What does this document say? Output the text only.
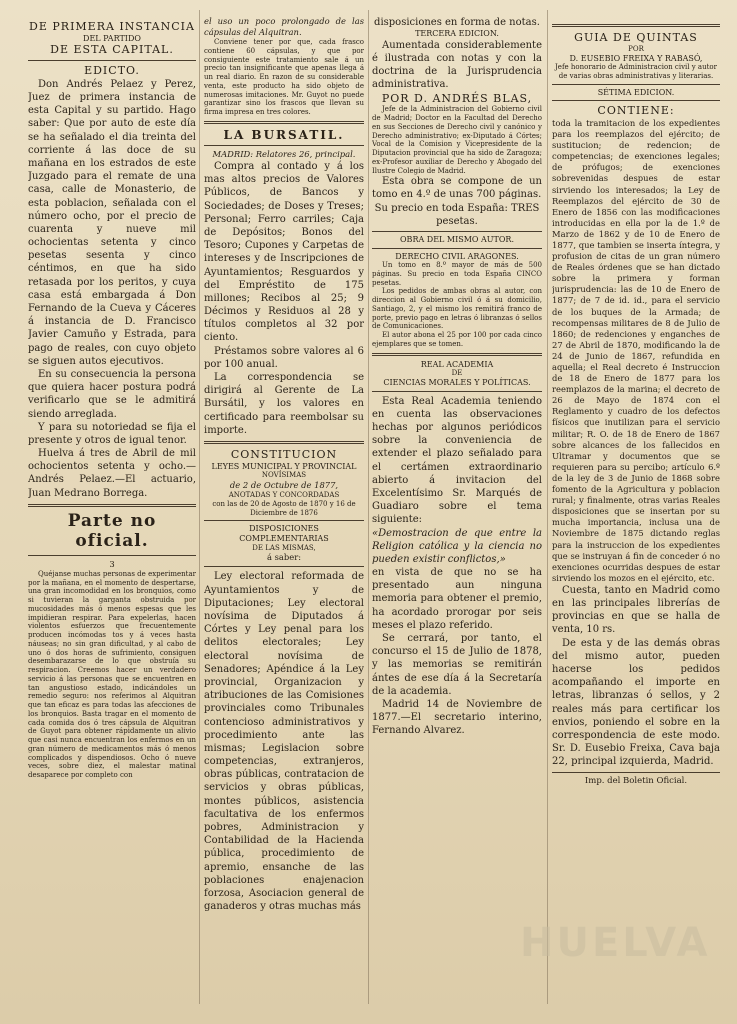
DE PRIMERA INSTANCIA
DEL PARTIDO
DE ESTA CAPITAL.
EDICTO.

Don Andrés Pelaez y Perez, Juez de primera instancia de esta Capital y su partido. Hago saber: Que por auto de este día se ha señalado el dia treinta del corriente á las doce de su mañana en los estrados de este Juzgado para el remate de una casa, calle de Monasterio, de esta poblacion, señalada con el número ocho, por el precio de cuarenta y nueve mil ochocientas setenta y cinco pesetas sesenta y cinco céntimos, en que ha sido retasada por los peritos, y cuya casa está embargada á Don Fernando de la Cueva y Cáceres á instancia de D. Francisco Javier Camuño y Estrada, para pago de reales, con cuyo objeto se siguen autos ejecutivos.

En su consecuencia la persona que quiera hacer postura podrá verificarlo que se le admitirá siendo arreglada.

Y para su notoriedad se fija el presente y otros de igual tenor.

Huelva á tres de Abril de mil ochocientos setenta y ocho.—Andrés Pelaez.—El actuario, Juan Medrano Borrega.

Parte no oficial.
3

Quéjanse muchas personas de experimentar por la mañana, en el momento de despertarse, una gran incomodidad en los bronquios, como si tuvieran la garganta obstruida por mucosidades más ó menos espesas que les impidieran respirar. Para expelerlas, hacen violentos esfuerzos que frecuentemente producen incómodas tos y á veces hasta náuseas; no sin gran dificultad, y al cabo de uno ó dos horas de sufrimiento, consiguen desembarazarse de lo que obstruía su respiracion. Creemos hacer un verdadero servicio á las personas que se encuentren en tan angustioso estado, indicándoles un remedio seguro: nos referimos al Alquitran que tan eficaz es para todas las afecciones de los bronquios. Basta tragar en el momento de cada comida dos ó tres cápsula de Alquitran de Guyot para obtener rápidamente un alivio que casi nunca encuentran los enfermos en un gran número de medicamentos más ó menos complicados y dispendiosos. Ocho ó nueve veces, sobre diez, el malestar matinal desaparece por completo con

el uso un poco prolongado de las cápsulas del Alquitran.

Conviene tener por que, cada frasco contiene 60 cápsulas, y que por consiguiente este tratamiento sale á un precio tan insignificante que apenas llega á un real diario. En razon de su considerable venta, este producto ha sido objeto de numerosas imitaciones. Mr. Guyot no puede garantizar sino los frascos que llevan su firma impresa en tres colores.

LA BURSATIL.
MADRID: Relatores 26, principal.

Compra al contado y á los mas altos precios de Valores Públicos, de Bancos y Sociedades; de Doses y Treses; Personal; Ferro carriles; Caja de Depósitos; Bonos del Tesoro; Cupones y Carpetas de intereses y de Inscripciones de Ayuntamientos; Resguardos y del Empréstito de 175 millones; Recibos al 25; 9 Décimos y Residuos al 28 y títulos completos al 32 por ciento.

Préstamos sobre valores al 6 por 100 anual.

La correspondencia se dirigirá al Gerente de La Bursátil, y los valores en certificado para reembolsar su importe.

CONSTITUCION
LEYES MUNICIPAL Y PROVINCIAL
NOVÍSIMAS
de 2 de Octubre de 1877,
ANOTADAS Y CONCORDADAS
con las de 20 de Agosto de 1870 y 16 de Diciembre de 1876
DISPOSICIONES COMPLEMENTARIAS
DE LAS MISMAS,
á saber:

Ley electoral reformada de Ayuntamientos y de Diputaciones; Ley electoral novísima de Diputados á Córtes y Ley penal para los delitos electorales; Ley electoral novísima de Senadores; Apéndice á la Ley provincial, Organizacion y atribuciones de las Comisiones provinciales como Tribunales contencioso administrativos y procedimiento ante las mismas; Legislacion sobre competencias, extranjeros, obras públicas, contratacion de servicios y obras públicas, montes públicos, asistencia facultativa de los enfermos pobres, Administracion y Contabilidad de la Hacienda pública, procedimiento de apremio, ensanche de las poblaciones enajenacion forzosa, Asociacion general de ganaderos y otras muchas más

disposiciones en forma de notas.

TERCERA EDICION.

Aumentada considerablemente é ilustrada con notas y con la doctrina de la Jurisprudencia administrativa.

POR D. ANDRÉS BLAS,

Jefe de la Administracion del Gobierno civil de Madrid; Doctor en la Facultad del Derecho en sus Secciones de Derecho civil y canónico y Derecho administrativo; ex-Diputado á Córtes; Vocal de la Comision y Vicepresidente de la Diputacion provincial que ha sido de Zaragoza; ex-Profesor auxiliar de Derecho y Abogado del Ilustre Colegio de Madrid.

Esta obra se compone de un tomo en 4.º de unas 700 páginas.

Su precio en toda España: TRES pesetas.

OBRA DEL MISMO AUTOR.
DERECHO CIVIL ARAGONES.

Un tomo en 8.º mayor de más de 500 páginas. Su precio en toda España CINCO pesetas.

Los pedidos de ambas obras al autor, con direccion al Gobierno civil ó á su domicilio, Santiago, 2, y el mismo los remitirá franco de porte, previo pago en letras ó libranzas ó sellos de Comunicaciones.

El autor abona el 25 por 100 por cada cinco ejemplares que se tomen.

REAL ACADEMIA
DE
CIENCIAS MORALES Y POLÍTICAS.

Esta Real Academia teniendo en cuenta las observaciones hechas por algunos periódicos sobre la conveniencia de extender el plazo señalado para el certámen extraordinario abierto á invitacion del Excelentísimo Sr. Marqués de Guadiaro sobre el tema siguiente:

«Demostracion de que entre la Religion católica y la ciencia no pueden existir conflictos,»

en vista de que no se ha presentado aun ninguna memoria para obtener el premio, ha acordado prorogar por seis meses el plazo referido.

Se cerrará, por tanto, el concurso el 15 de Julio de 1878, y las memorias se remitirán ántes de ese día á la Secretaría de la academia.

Madrid 14 de Noviembre de 1877.—El secretario interino, Fernando Alvarez.

GUIA DE QUINTAS
POR
D. EUSEBIO FREIXA Y RABASÓ,

Jefe honorario de Administracion civil y autor de varias obras administrativas y literarias.

SÉTIMA EDICION.
CONTIENE:

toda la tramitacion de los expedientes para los reemplazos del ejército; de sustitucion; de redencion; de competencias; de exenciones legales; de prófugos; de exenciones sobrevenidas despues de estar sirviendo los interesados; la Ley de Reemplazos del ejército de 30 de Enero de 1856 con las modificaciones introducidas en ella por la de 1.º de Marzo de 1862 y de 10 de Enero de 1877, que tambien se inserta íntegra, y profusion de citas de un gran número de Reales órdenes que se han dictado sobre la primera y forman jurisprudencia: las de 10 de Enero de 1877; de 7 de id. id., para el servicio de los buques de la Armada; de recompensas militares de 8 de Julio de 1860; de redenciones y enganches de 27 de Abril de 1870, modificando la de 24 de Junio de 1867, refundida en aquella; el Real decreto é Instruccion de 18 de Enero de 1877 para los reemplazos de la marina; el decreto de 26 de Mayo de 1874 con el Reglamento y cuadro de los defectos físicos que inutilizan para el servicio militar; R. O. de 18 de Enero de 1867 sobre alcances de los fallecidos en Ultramar y documentos que se requieren para su percibo; artículo 6.º de la ley de 3 de Junio de 1868 sobre fomento de la Agricultura y poblacion rural; y finalmente, otras varias Reales disposiciones que se insertan por su mucha importancia, inclusa una de Noviembre de 1875 dictando reglas para la instruccion de los expedientes que se instruyan á fin de conceder ó no exenciones ocurridas despues de estar sirviendo los mozos en el ejército, etc.

Cuesta, tanto en Madrid como en las principales librerías de provincias en que se halla de venta, 10 rs.

De esta y de las demás obras del mismo autor, pueden hacerse los pedidos acompañando el importe en letras, libranzas ó sellos, y 2 reales más para certificar los envios, poniendo el sobre en la correspondencia de este modo. Sr. D. Eusebio Freixa, Cava baja 22, principal izquierda, Madrid.

Imp. del Boletin Oficial.
HUELVA
